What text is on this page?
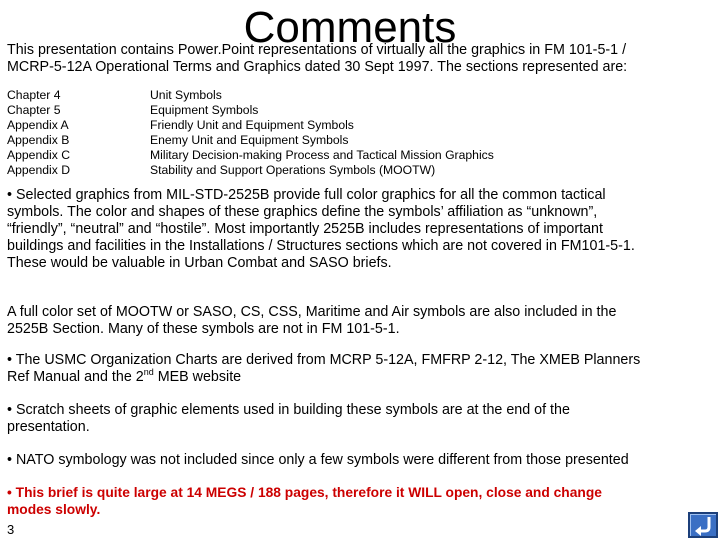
Comments
This presentation contains Power.Point representations of virtually all the graphics in FM 101-5-1 /
MCRP-5-12A Operational Terms and Graphics dated 30 Sept 1997. The sections represented are:
Chapter 4	Unit Symbols
Chapter 5	Equipment Symbols
Appendix A	Friendly Unit and Equipment Symbols
Appendix B	Enemy Unit and Equipment Symbols
Appendix C	Military Decision-making Process and Tactical Mission Graphics
Appendix D	Stability and Support Operations Symbols (MOOTW)
• Selected graphics from MIL-STD-2525B provide full color graphics for all the common tactical
symbols. The color and shapes of these graphics define the symbols’ affiliation as “unknown”,
“friendly”, “neutral” and “hostile”. Most importantly 2525B includes representations of important
buildings and facilities in the Installations / Structures sections which are not covered in FM101-5-1.
These would be valuable in Urban Combat and SASO briefs.
A full color set of MOOTW or SASO, CS, CSS, Maritime and Air symbols are also included in the
2525B Section. Many of these symbols are not in FM 101-5-1.
• The USMC Organization Charts are derived from MCRP 5-12A, FMFRP 2-12, The XMEB Planners
Ref Manual and the 2nd MEB website
• Scratch sheets of graphic elements used in building these symbols are at the end of the
presentation.
• NATO symbology was not included since only a few symbols were different from those presented
• This brief is quite large at 14 MEGS / 188 pages, therefore it WILL open, close and change
modes slowly.
3
